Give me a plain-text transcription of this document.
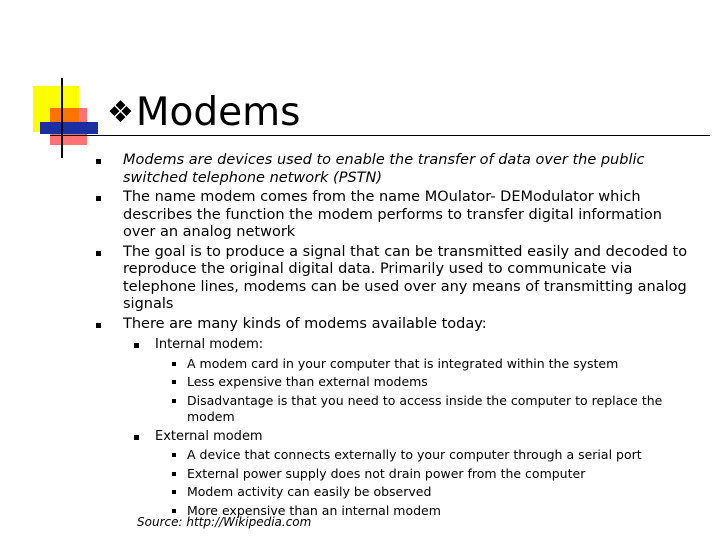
❖Modems
Modems are devices used to enable the transfer of data over the public switched telephone network (PSTN)
The name modem comes from the name MOulator- DEModulator which describes the function the modem performs to transfer digital information over an analog network
The goal is to produce a signal that can be transmitted easily and decoded to reproduce the original digital data. Primarily used to communicate via telephone lines, modems can be used over any means of transmitting analog signals
There are many kinds of modems available today:
Internal modem:
A modem card in your computer that is integrated within the system
Less expensive than external modems
Disadvantage is that you need to access inside the computer to replace the modem
External modem
A device that connects externally to your computer through a serial port
External power supply does not drain power from the computer
Modem activity can easily be observed
More expensive than an internal modem
Source: http://Wikipedia.com
